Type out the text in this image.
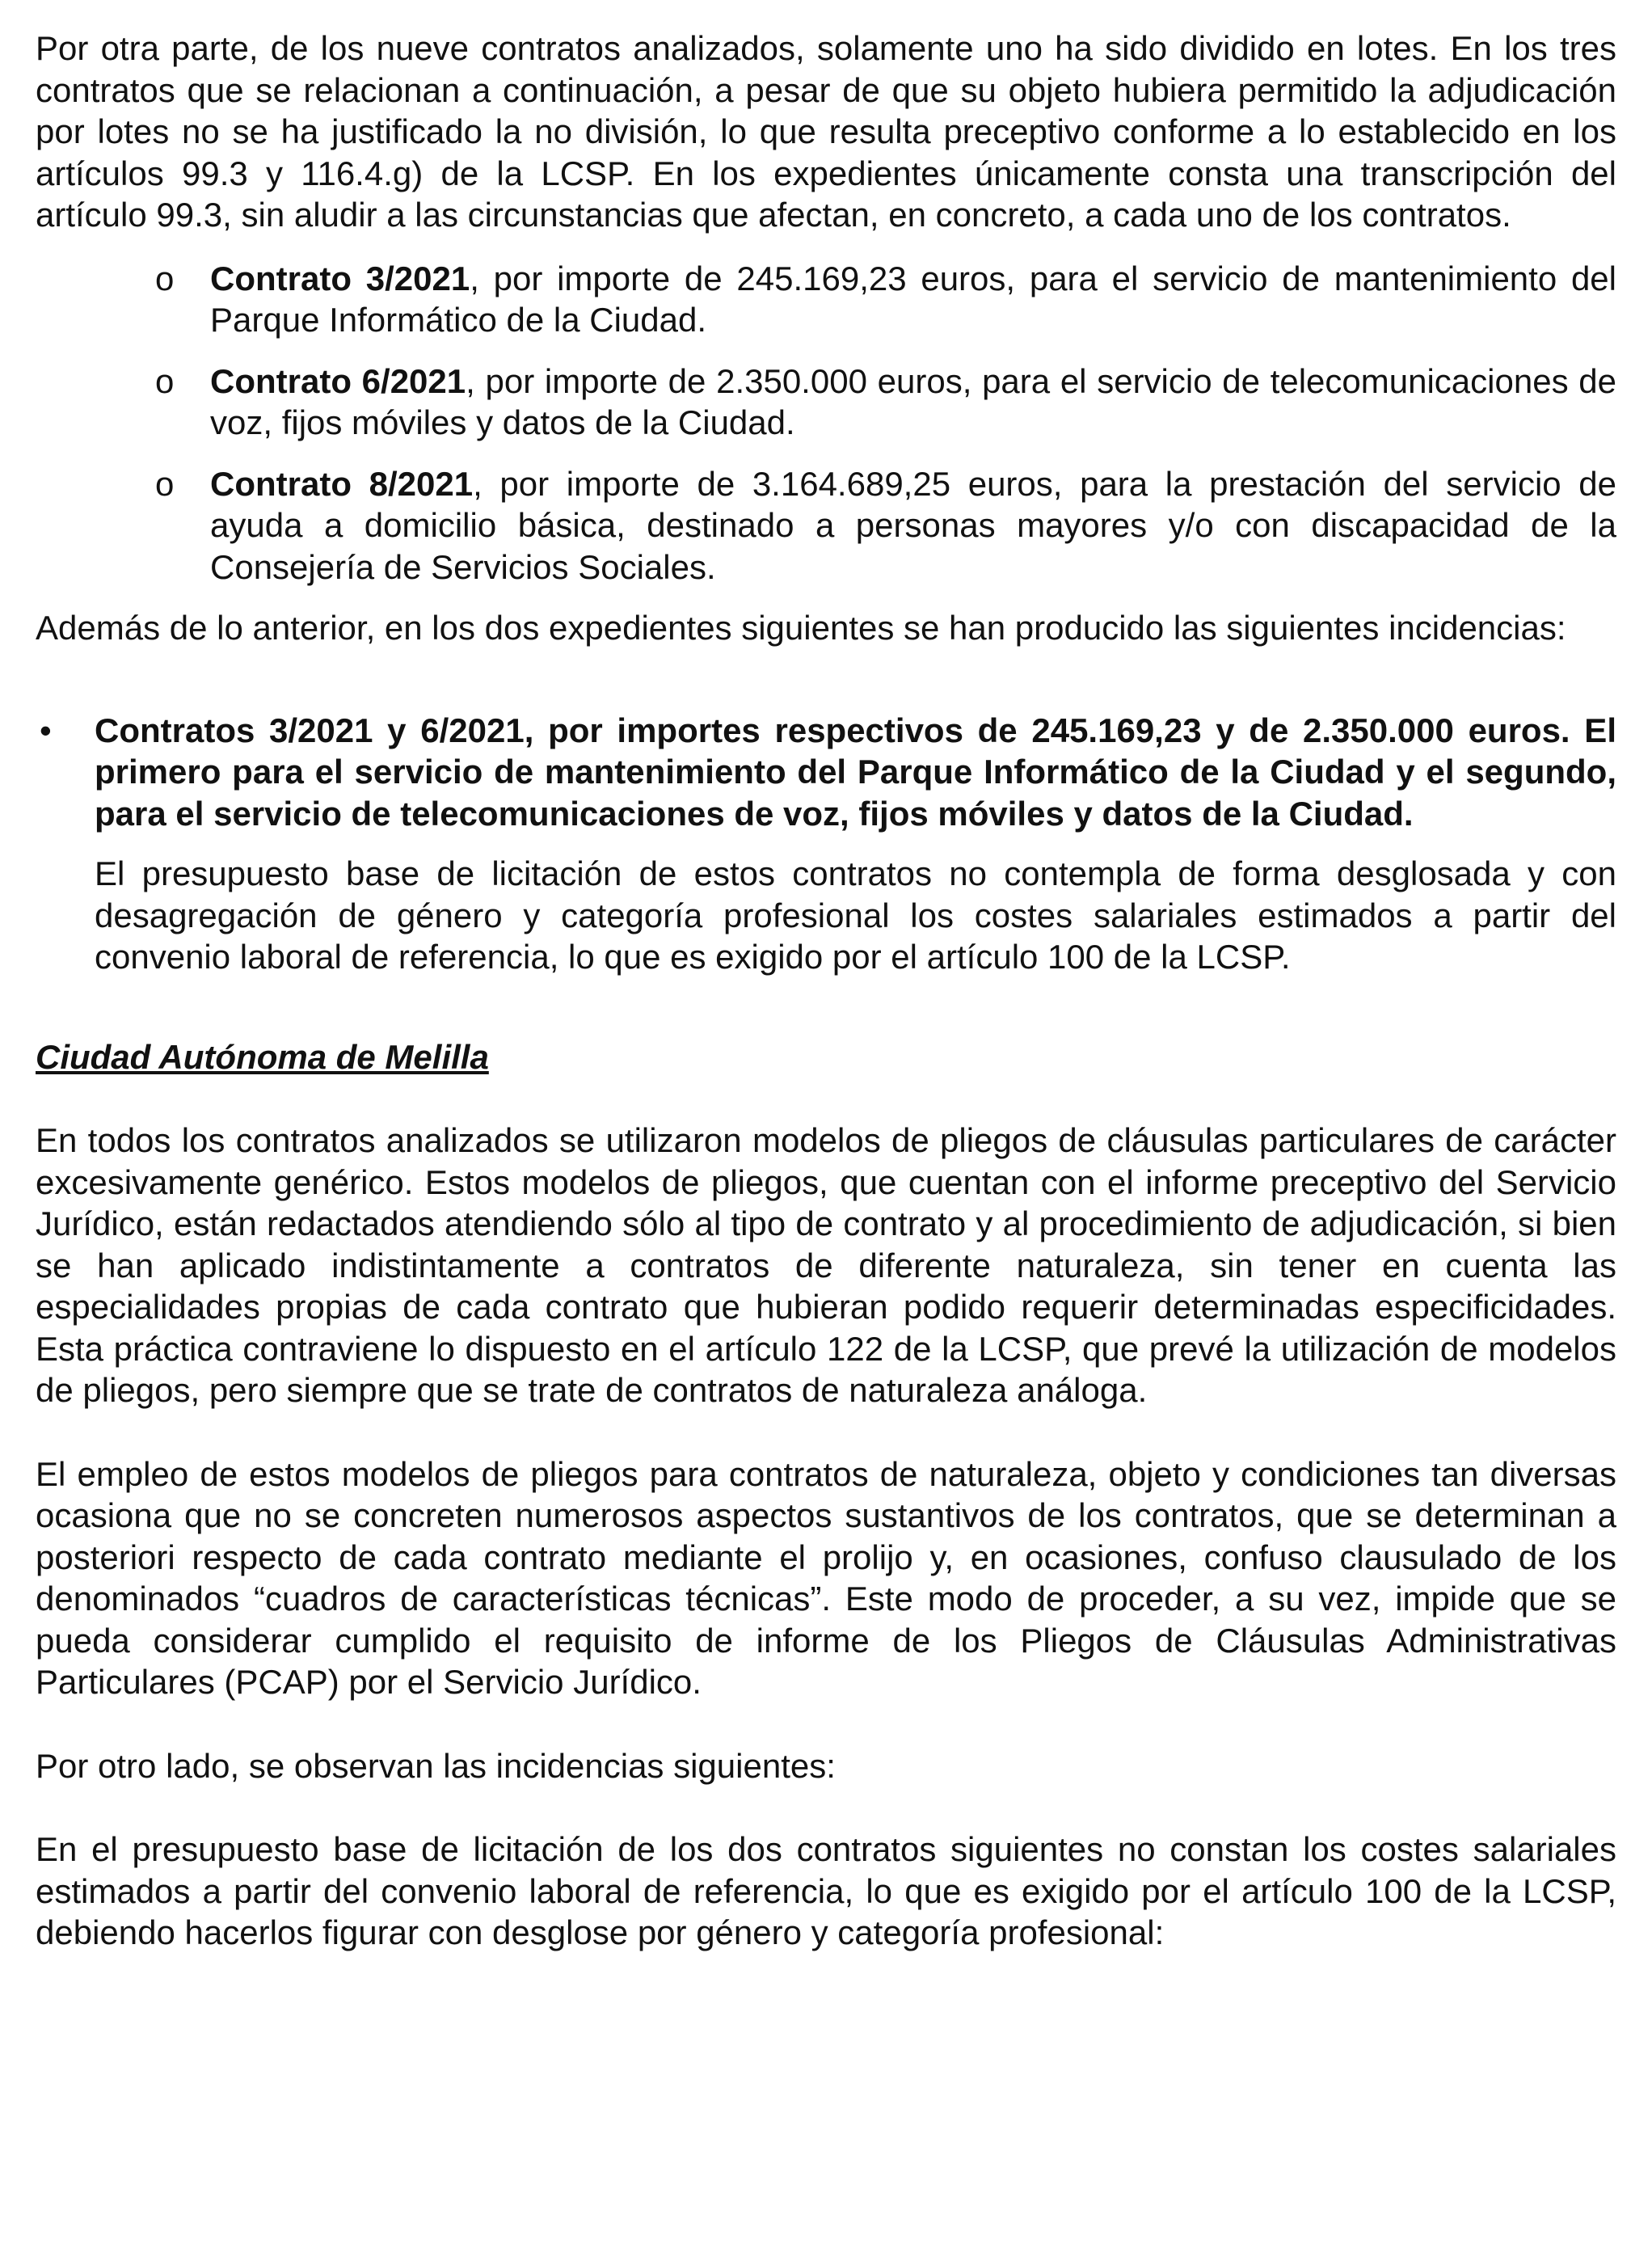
Por otra parte, de los nueve contratos analizados, solamente uno ha sido dividido en lotes. En los tres contratos que se relacionan a continuación, a pesar de que su objeto hubiera permitido la adjudicación por lotes no se ha justificado la no división, lo que resulta preceptivo conforme a lo establecido en los artículos 99.3 y 116.4.g) de la LCSP. En los expedientes únicamente consta una transcripción del artículo 99.3, sin aludir a las circunstancias que afectan, en concreto, a cada uno de los contratos.

o Contrato 3/2021, por importe de 245.169,23 euros, para el servicio de mantenimiento del Parque Informático de la Ciudad.
o Contrato 6/2021, por importe de 2.350.000 euros, para el servicio de telecomunicaciones de voz, fijos móviles y datos de la Ciudad.
o Contrato 8/2021, por importe de 3.164.689,25 euros, para la prestación del servicio de ayuda a domicilio básica, destinado a personas mayores y/o con discapacidad de la Consejería de Servicios Sociales.

Además de lo anterior, en los dos expedientes siguientes se han producido las siguientes incidencias:

• Contratos 3/2021 y 6/2021, por importes respectivos de 245.169,23 y de 2.350.000 euros. El primero para el servicio de mantenimiento del Parque Informático de la Ciudad y el segundo, para el servicio de telecomunicaciones de voz, fijos móviles y datos de la Ciudad.

El presupuesto base de licitación de estos contratos no contempla de forma desglosada y con desagregación de género y categoría profesional los costes salariales estimados a partir del convenio laboral de referencia, lo que es exigido por el artículo 100 de la LCSP.

Ciudad Autónoma de Melilla

En todos los contratos analizados se utilizaron modelos de pliegos de cláusulas particulares de carácter excesivamente genérico. Estos modelos de pliegos, que cuentan con el informe preceptivo del Servicio Jurídico, están redactados atendiendo sólo al tipo de contrato y al procedimiento de adjudicación, si bien se han aplicado indistintamente a contratos de diferente naturaleza, sin tener en cuenta las especialidades propias de cada contrato que hubieran podido requerir determinadas especificidades. Esta práctica contraviene lo dispuesto en el artículo 122 de la LCSP, que prevé la utilización de modelos de pliegos, pero siempre que se trate de contratos de naturaleza análoga.

El empleo de estos modelos de pliegos para contratos de naturaleza, objeto y condiciones tan diversas ocasiona que no se concreten numerosos aspectos sustantivos de los contratos, que se determinan a posteriori respecto de cada contrato mediante el prolijo y, en ocasiones, confuso clausulado de los denominados “cuadros de características técnicas”. Este modo de proceder, a su vez, impide que se pueda considerar cumplido el requisito de informe de los Pliegos de Cláusulas Administrativas Particulares (PCAP) por el Servicio Jurídico.

Por otro lado, se observan las incidencias siguientes:

En el presupuesto base de licitación de los dos contratos siguientes no constan los costes salariales estimados a partir del convenio laboral de referencia, lo que es exigido por el artículo 100 de la LCSP, debiendo hacerlos figurar con desglose por género y categoría profesional:
